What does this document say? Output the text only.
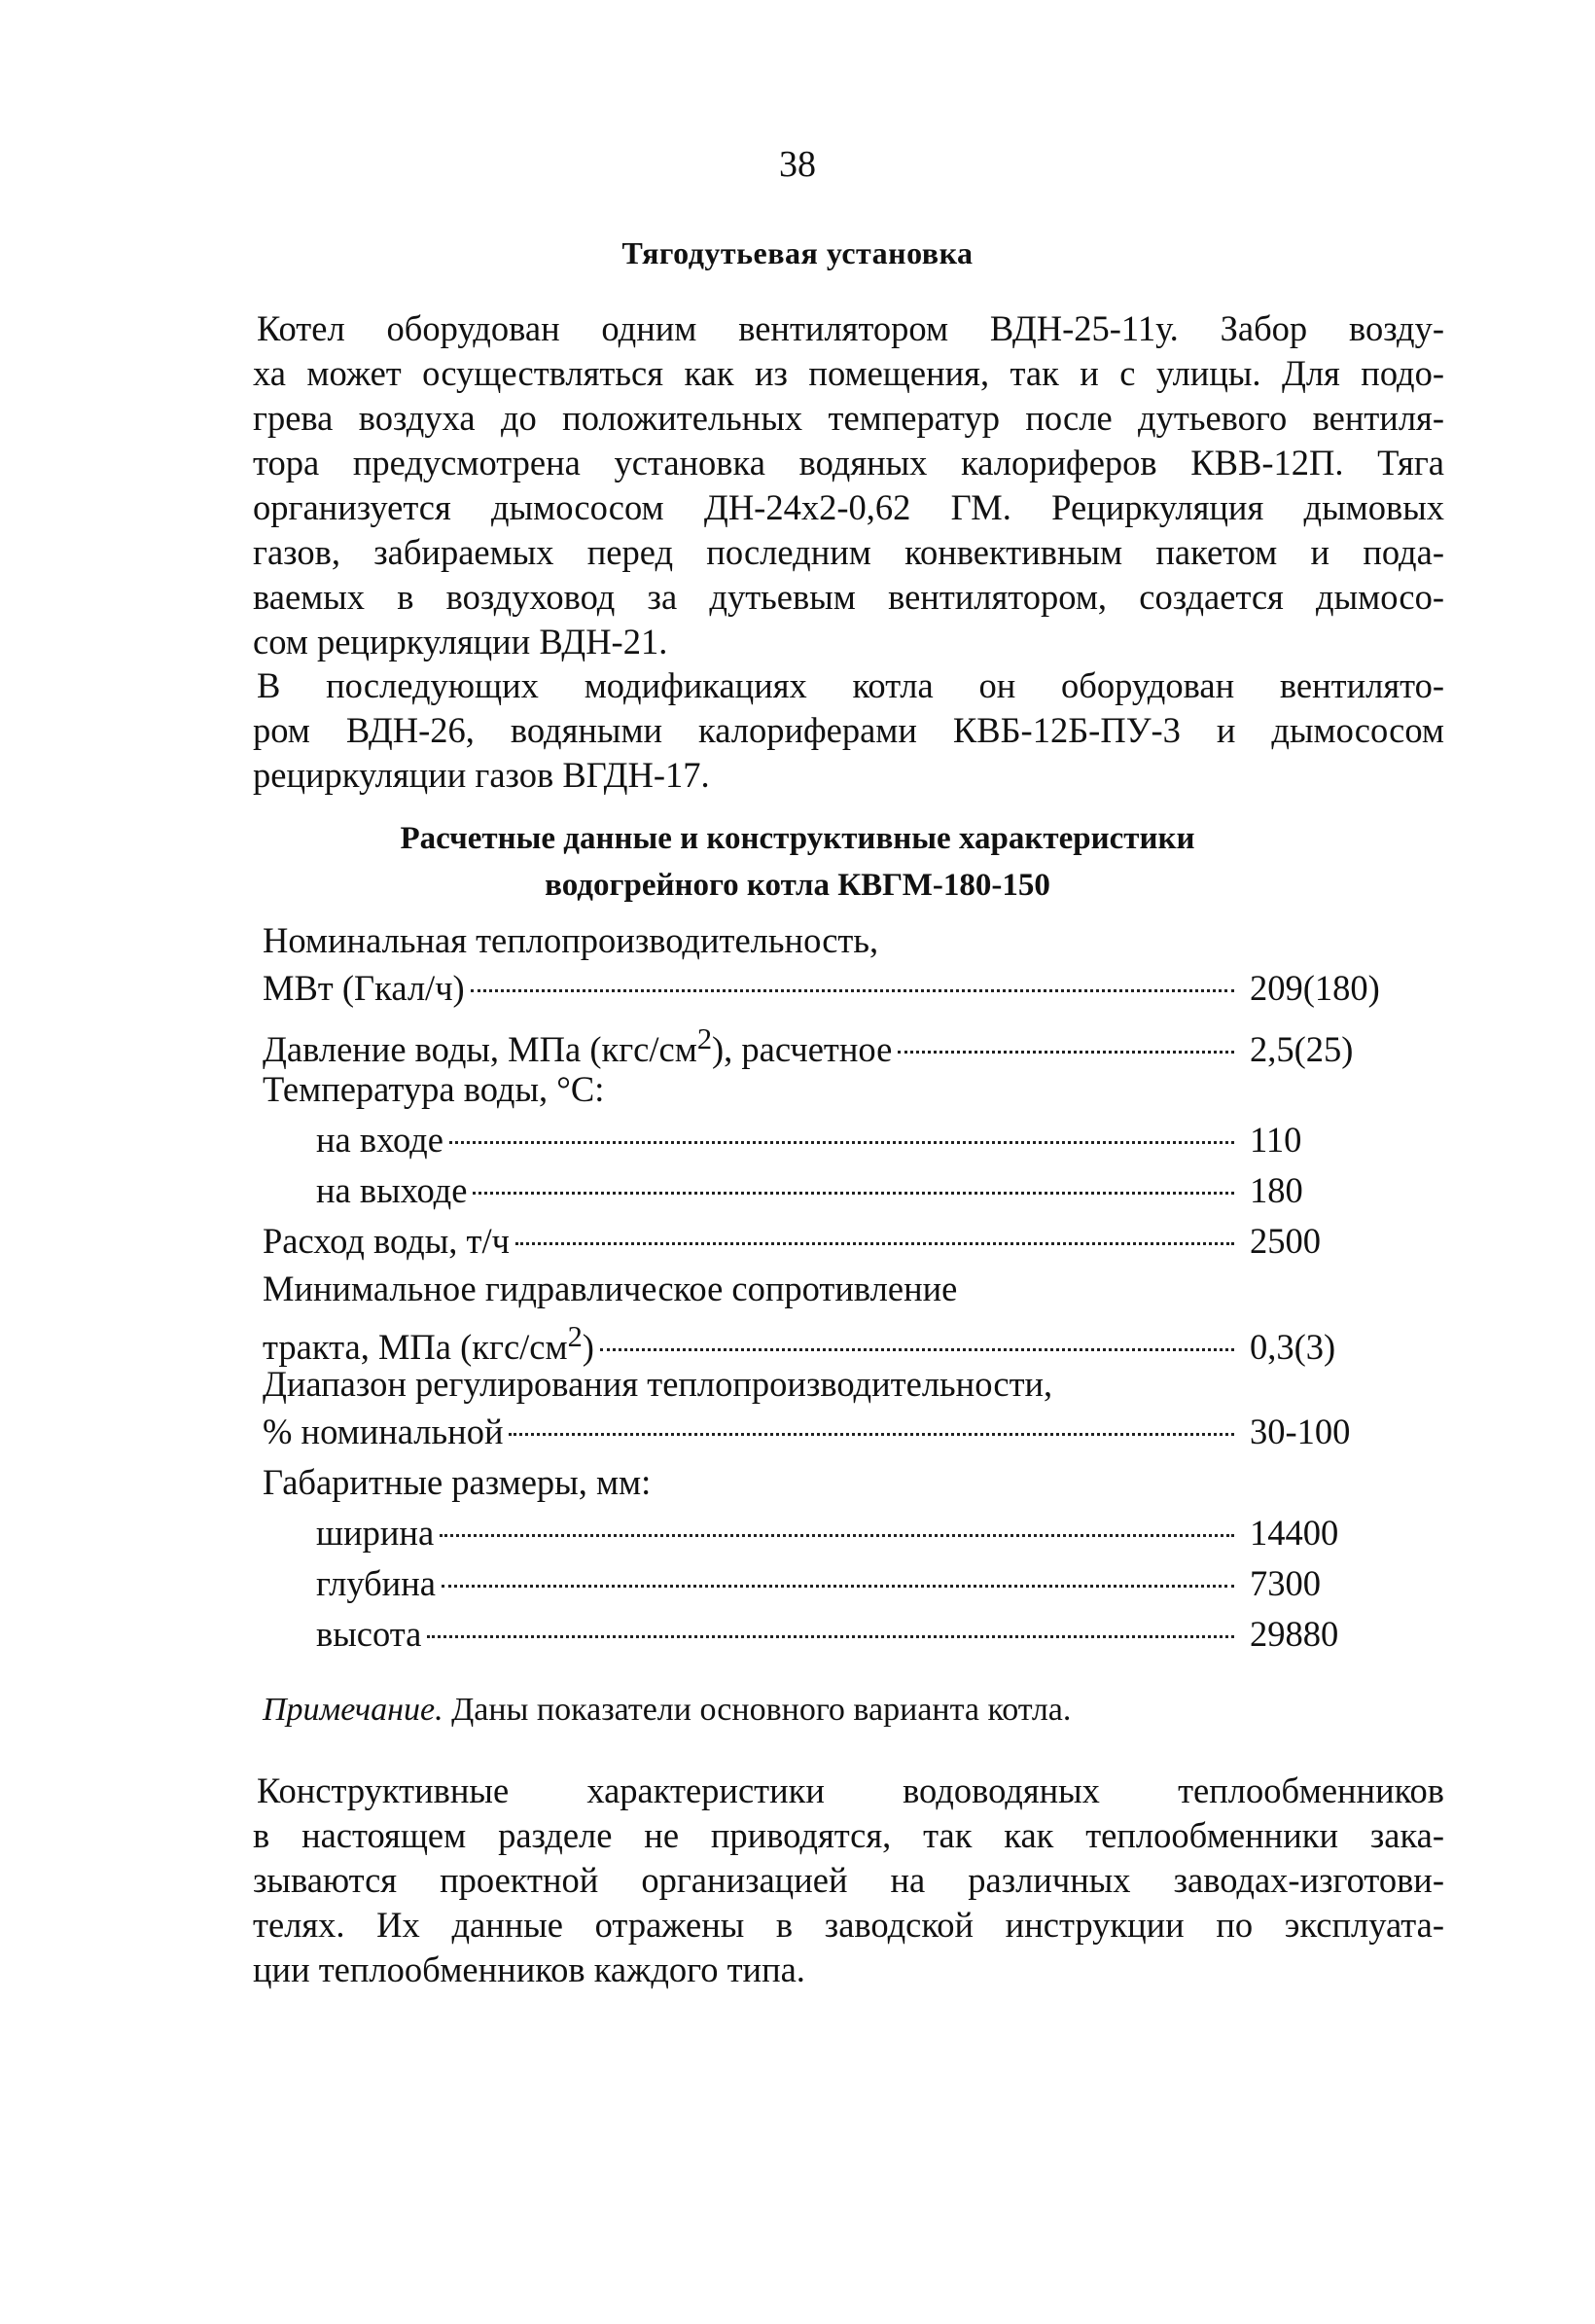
38
Тягодутьевая установка
Котел оборудован одним вентилятором ВДН-25-11у. Забор возду-
ха может осуществляться как из помещения, так и с улицы. Для подо-
грева воздуха до положительных температур после дутьевого вентиля-
тора предусмотрена установка водяных калориферов КВВ-12П. Тяга
организуется дымососом ДН-24х2-0,62 ГМ. Рециркуляция дымовых
газов, забираемых перед последним конвективным пакетом и пода-
ваемых в воздуховод за дутьевым вентилятором, создается дымосо-
сом рециркуляции ВДН-21.
В последующих модификациях котла он оборудован вентилято-
ром ВДН-26, водяными калориферами КВБ-12Б-ПУ-3 и дымососом
рециркуляции газов ВГДН-17.
Расчетные данные и конструктивные характеристики
водогрейного котла КВГМ-180-150
Номинальная теплопроизводительность,
МВт (Гкал/ч)	209(180)
Давление воды, МПа $(кгс/см^2)$, расчетное	2,5(25)
Температура воды, °С:
на входе	110
на выходе	180
Расход воды, т/ч	2500
Минимальное гидравлическое сопротивление
тракта, МПа $(кгс/см^2)$	0,3(3)
Диапазон регулирования теплопроизводительности,
% номинальной	30-100
Габаритные размеры, мм:
ширина	14400
глубина	7300
высота	29880
Примечание. Даны показатели основного варианта котла.
Конструктивные характеристики водоводяных теплообменников
в настоящем разделе не приводятся, так как теплообменники зака-
зываются проектной организацией на различных заводах-изготови-
телях. Их данные отражены в заводской инструкции по эксплуата-
ции теплообменников каждого типа.
